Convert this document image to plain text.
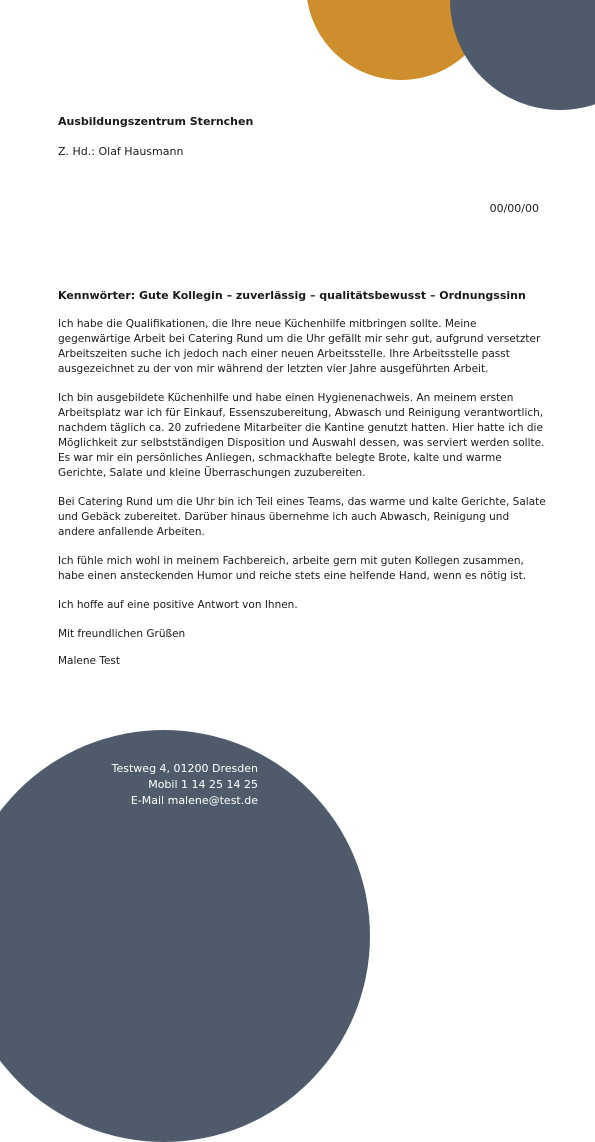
Ausbildungszentrum Sternchen

Z. Hd.: Olaf Hausmann

00/00/00

Kennwörter: Gute Kollegin – zuverlässig – qualitätsbewusst – Ordnungssinn

Ich habe die Qualifikationen, die Ihre neue Küchenhilfe mitbringen sollte. Meine gegenwärtige Arbeit bei Catering Rund um die Uhr gefällt mir sehr gut, aufgrund versetzter Arbeitszeiten suche ich jedoch nach einer neuen Arbeitsstelle. Ihre Arbeitsstelle passt ausgezeichnet zu der von mir während der letzten vier Jahre ausgeführten Arbeit.

Ich bin ausgebildete Küchenhilfe und habe einen Hygienenachweis. An meinem ersten Arbeitsplatz war ich für Einkauf, Essenszubereitung, Abwasch und Reinigung verantwortlich, nachdem täglich ca. 20 zufriedene Mitarbeiter die Kantine genutzt hatten. Hier hatte ich die Möglichkeit zur selbstständigen Disposition und Auswahl dessen, was serviert werden sollte. Es war mir ein persönliches Anliegen, schmackhafte belegte Brote, kalte und warme Gerichte, Salate und kleine Überraschungen zuzubereiten.

Bei Catering Rund um die Uhr bin ich Teil eines Teams, das warme und kalte Gerichte, Salate und Gebäck zubereitet. Darüber hinaus übernehme ich auch Abwasch, Reinigung und andere anfallende Arbeiten.

Ich fühle mich wohl in meinem Fachbereich, arbeite gern mit guten Kollegen zusammen, habe einen ansteckenden Humor und reiche stets eine helfende Hand, wenn es nötig ist.

Ich hoffe auf eine positive Antwort von Ihnen.

Mit freundlichen Grüßen

Malene Test

Testweg 4, 01200 Dresden
Mobil 1 14 25 14 25
E-Mail malene@test.de
